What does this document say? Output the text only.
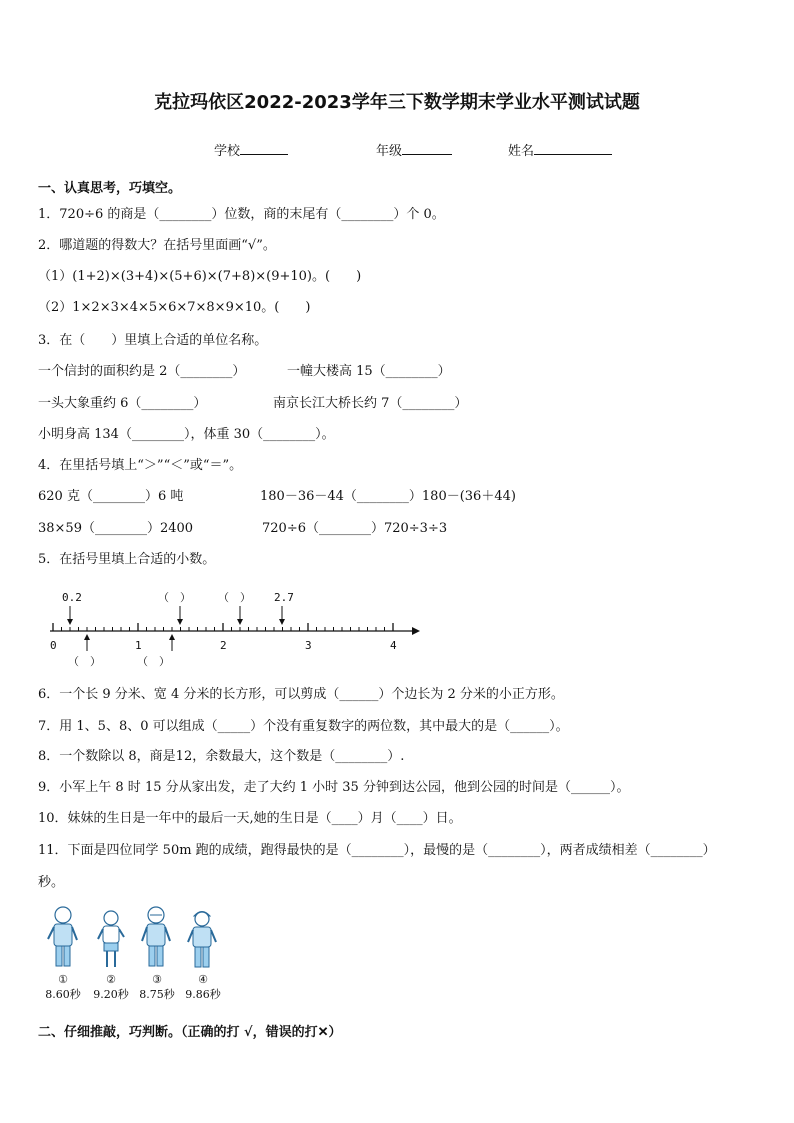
克拉玛依区2022-2023学年三下数学期末学业水平测试试题
学校	年级	姓名
一、认真思考，巧填空。
1．720÷6 的商是（________）位数，商的末尾有（________）个 0。
2．哪道题的得数大？在括号里面画“√”。
（1）(1+2)×(3+4)×(5+6)×(7+8)×(9+10)。(　　)
（2）1×2×3×4×5×6×7×8×9×10。(　　)
3．在（　　）里填上合适的单位名称。
一个信封的面积约是 2（________）	一幢大楼高 15（________）
一头大象重约 6（________）	南京长江大桥长约 7（________）
小明身高 134（________），体重 30（________）。
4．在里括号填上“＞”“＜”或“＝”。
620 克（________）6 吨	180－36－44（________）180－(36＋44)
38×59（________）2400	720÷6（________）720÷3÷3
5．在括号里填上合适的小数。
0	1	2	3	4
0.2	（　） （　） 2.7
（　）	（　）
6．一个长 9 分米、宽 4 分米的长方形，可以剪成（______）个边长为 2 分米的小正方形。
7．用 1、5、8、0 可以组成（_____）个没有重复数字的两位数，其中最大的是（______）。
8．一个数除以 8，商是12，余数最大，这个数是（________）.
9．小军上午 8 时 15 分从家出发，走了大约 1 小时 35 分钟到达公园，他到公园的时间是（______）。
10．妹妹的生日是一年中的最后一天,她的生日是（____）月（____）日。
11．下面是四位同学 50m 跑的成绩，跑得最快的是（________），最慢的是（________），两者成绩相差（________）
秒。
①
8.60秒
②
9.20秒
③
8.75秒
④
9.86秒
二、仔细推敲，巧判断。（正确的打 √，错误的打✕）
